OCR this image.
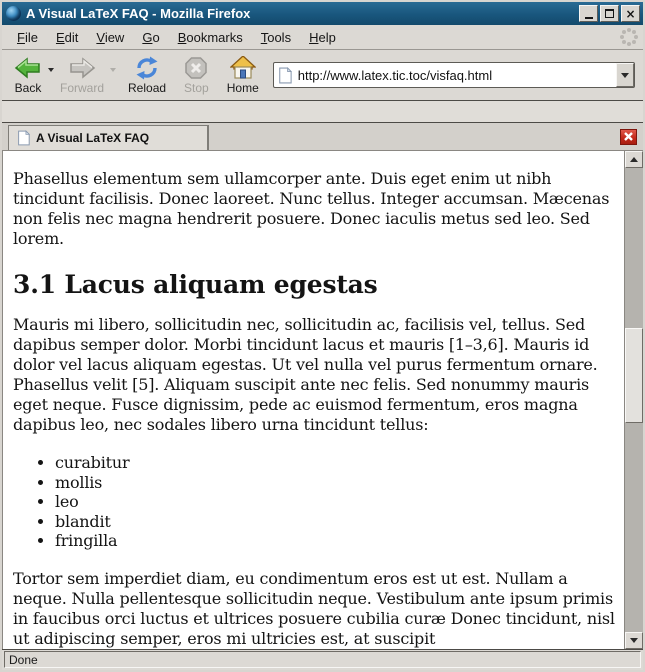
A Visual LaTeX FAQ - Mozilla Firefox	×
File	Edit	View	Go	Bookmarks	Tools	Help
Back Forward Reload Stop Home
http://www.latex.tic.toc/visfaq.html
A Visual LaTeX FAQ

Phasellus elementum sem ullamcorper ante. Duis eget enim ut nibh tincidunt facilisis. Donec laoreet. Nunc tellus. Integer accumsan. Mæcenas non felis nec magna hendrerit posuere. Donec iaculis metus sed leo. Sed lorem.

3.1 Lacus aliquam egestas

Mauris mi libero, sollicitudin nec, sollicitudin ac, facilisis vel, tellus. Sed dapibus semper dolor. Morbi tincidunt lacus et mauris [1–3,6]. Mauris id dolor vel lacus aliquam egestas. Ut vel nulla vel purus fermentum ornare. Phasellus velit [5]. Aliquam suscipit ante nec felis. Sed nonummy mauris eget neque. Fusce dignissim, pede ac euismod fermentum, eros magna dapibus leo, nec sodales libero urna tincidunt tellus:

• curabitur
• mollis
• leo
• blandit
• fringilla

Tortor sem imperdiet diam, eu condimentum eros est ut est. Nullam a neque. Nulla pellentesque sollicitudin neque. Vestibulum ante ipsum primis in faucibus orci luctus et ultrices posuere cubilia curæ Donec tincidunt, nisl ut adipiscing semper, eros mi ultricies est, at suscipit

Done
